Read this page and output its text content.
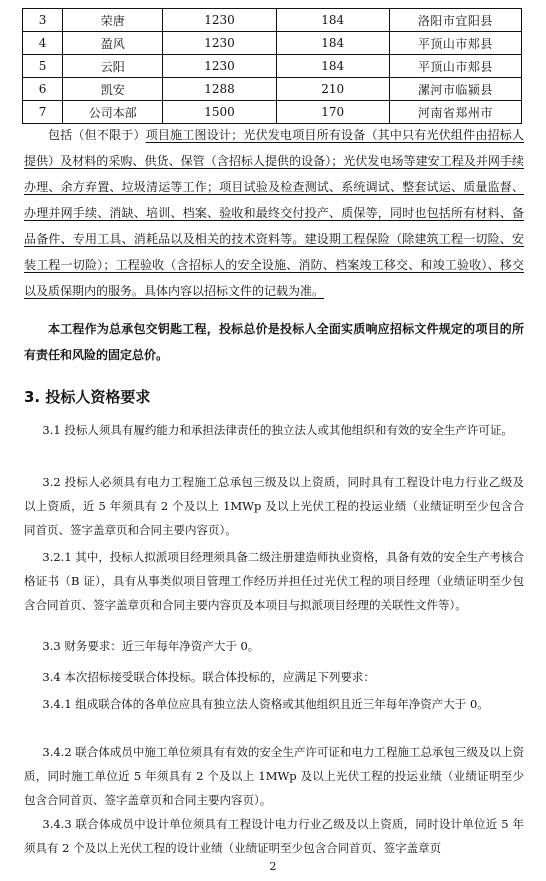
3	荣唐	1230	184	洛阳市宜阳县
4	盈风	1230	184	平顶山市郏县
5	云阳	1230	184	平顶山市郏县
6	凯安	1288	210	漯河市临颍县
7	公司本部	1500	170	河南省郑州市

包括（但不限于）项目施工图设计；光伏发电项目所有设备（其中只有光伏组件由招标人提供）及材料的采购、供货、保管（含招标人提供的设备）；光伏发电场等建安工程及并网手续办理、余方弃置、垃圾清运等工作；项目试验及检查测试、系统调试、整套试运、质量监督、办理并网手续、消缺、培训、档案、验收和最终交付投产、质保等，同时也包括所有材料、备品备件、专用工具、消耗品以及相关的技术资料等。建设期工程保险（除建筑工程一切险、安装工程一切险）；工程验收（含招标人的安全设施、消防、档案竣工移交、和竣工验收）、移交以及质保期内的服务。具体内容以招标文件的记载为准。

本工程作为总承包交钥匙工程，投标总价是投标人全面实质响应招标文件规定的项目的所有责任和风险的固定总价。

3. 投标人资格要求

3.1 投标人须具有履约能力和承担法律责任的独立法人或其他组织和有效的安全生产许可证。

3.2 投标人必须具有电力工程施工总承包三级及以上资质，同时具有工程设计电力行业乙级及以上资质，近 5 年须具有 2 个及以上 1MWp 及以上光伏工程的投运业绩（业绩证明至少包含合同首页、签字盖章页和合同主要内容页）。

3.2.1 其中，投标人拟派项目经理须具备二级注册建造师执业资格，具备有效的安全生产考核合格证书（B 证），具有从事类似项目管理工作经历并担任过光伏工程的项目经理（业绩证明至少包含合同首页、签字盖章页和合同主要内容页及本项目与拟派项目经理的关联性文件等）。

3.3 财务要求：近三年每年净资产大于 0。

3.4 本次招标接受联合体投标。联合体投标的，应满足下列要求：

3.4.1 组成联合体的各单位应具有独立法人资格或其他组织且近三年每年净资产大于 0。

3.4.2 联合体成员中施工单位须具有有效的安全生产许可证和电力工程施工总承包三级及以上资质，同时施工单位近 5 年须具有 2 个及以上 1MWp 及以上光伏工程的投运业绩（业绩证明至少包含合同首页、签字盖章页和合同主要内容页）。

3.4.3 联合体成员中设计单位须具有工程设计电力行业乙级及以上资质，同时设计单位近 5 年须具有 2 个及以上光伏工程的设计业绩（业绩证明至少包含合同首页、签字盖章页

2
